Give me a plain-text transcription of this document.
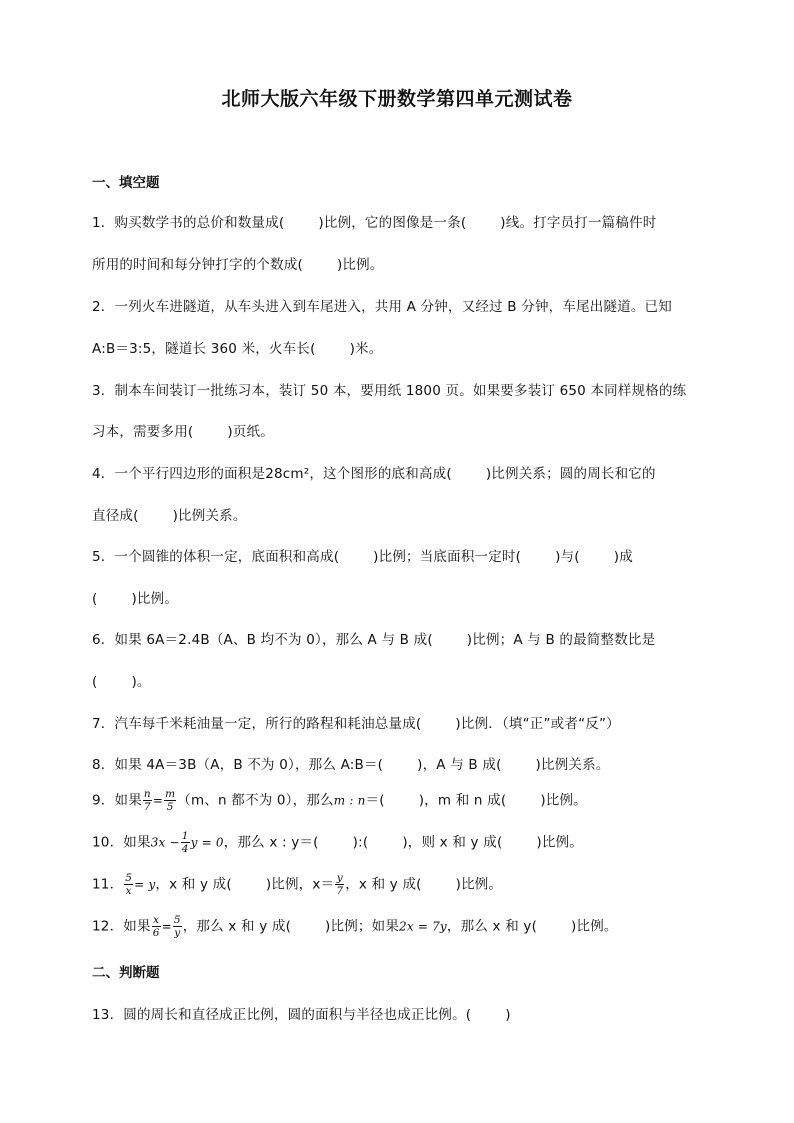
北师大版六年级下册数学第四单元测试卷
一、填空题
1．购买数学书的总价和数量成(	)比例，它的图像是一条(	)线。打字员打一篇稿件时
所用的时间和每分钟打字的个数成(	)比例。
2．一列火车进隧道，从车头进入到车尾进入，共用 A 分钟，又经过 B 分钟，车尾出隧道。已知
A:B＝3:5，隧道长 360 米，火车长(	)米。
3．制本车间装订一批练习本，装订 50 本，要用纸 1800 页。如果要多装订 650 本同样规格的练
习本，需要多用(	)页纸。
4．一个平行四边形的面积是28cm²，这个图形的底和高成(	)比例关系；圆的周长和它的
直径成(	)比例关系。
5．一个圆锥的体积一定，底面积和高成(	)比例；当底面积一定时(	)与(	)成
(	)比例。
6．如果 6A＝2.4B（A、B 均不为 0），那么 A 与 B 成(	)比例；A 与 B 的最简整数比是
(	)。
7．汽车每千米耗油量一定，所行的路程和耗油总量成(	)比例．（填“正”或者“反”）
8．如果 4A＝3B（A，B 不为 0），那么 A:B＝(	)，A 与 B 成(	)比例关系。
9．如果 $\frac{n}{7} = \frac{m}{5} (m$、n 都不为 0），那么m : n＝(	)，m 和 n 成(	)比例。
10．如果$3x - \frac{1}{4}$ y = 0，那么 x : y＝(	):(	)，则 x 和 y 成(	)比例。
11． $\frac{5}{x} = y$，x 和 y 成(	)比例，$x= \frac{y}{7}$ ，x 和 y 成(	)比例。
12．如果 $\frac{x}{6} = \frac{5}{y}$ ，那么 x 和 y 成(	)比例；如果2x = 7y，那么 x 和 y(	)比例。
二、判断题
13．圆的周长和直径成正比例，圆的面积与半径也成正比例。(	)
